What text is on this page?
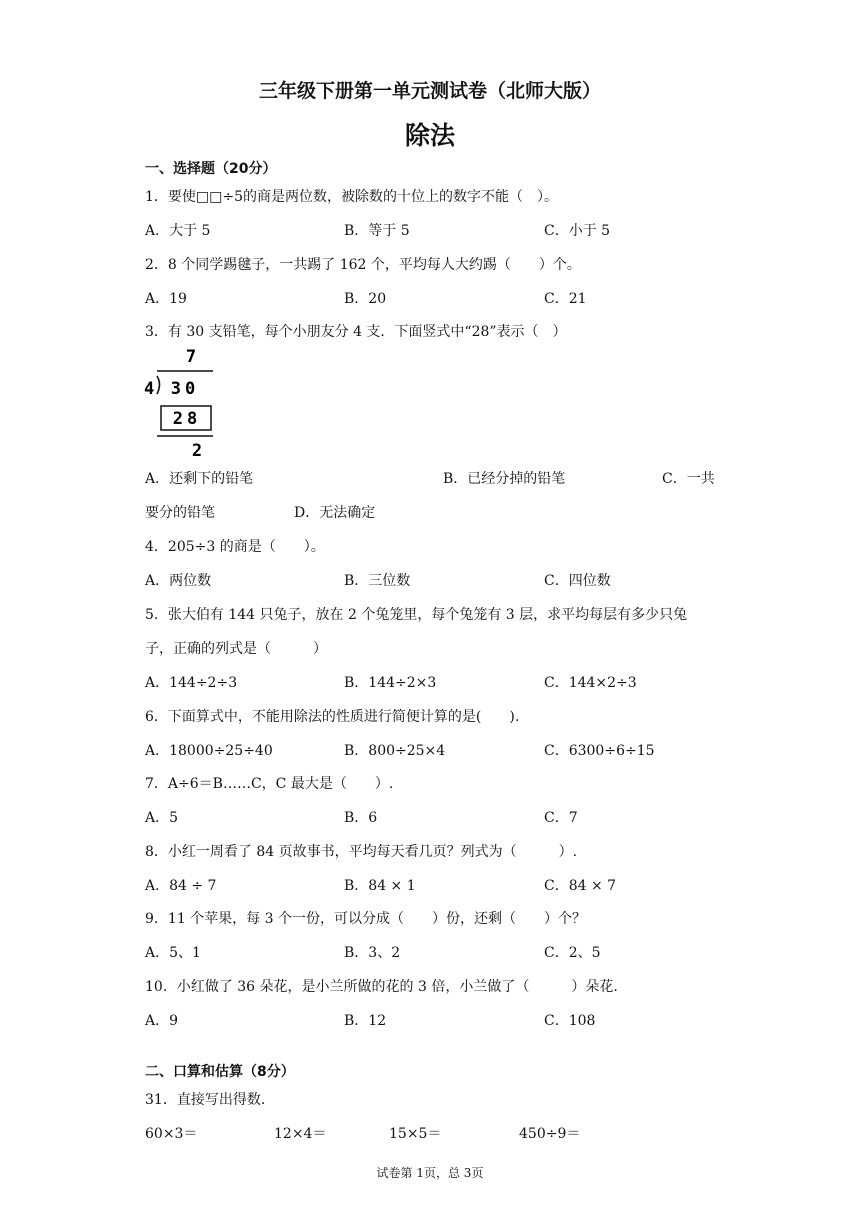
三年级下册第一单元测试卷（北师大版）
除法
一、选择题（20分）
1．要使□□÷5的商是两位数，被除数的十位上的数字不能（　）。
A．大于 5	B．等于 5	C．小于 5
2．8 个同学踢毽子，一共踢了 162 个，平均每人大约踢（　　）个。
A．19	B．20	C．21
3．有 30 支铅笔，每个小朋友分 4 支．下面竖式中“28”表示（　）
7
4 30
28
2
A．还剩下的铅笔	B．已经分掉的铅笔	C．一共
要分的铅笔	D．无法确定
4．205÷3 的商是（　　）。
A．两位数	B．三位数	C．四位数
5．张大伯有 144 只兔子，放在 2 个兔笼里，每个兔笼有 3 层，求平均每层有多少只兔
子，正确的列式是（　　　）
A．144÷2÷3	B．144÷2×3	C．144×2÷3
6．下面算式中，不能用除法的性质进行简便计算的是(　　).
A．18000÷25÷40	B．800÷25×4	C．6300÷6÷15
7．A÷6＝B……C，C 最大是（　　）.
A．5	B．6	C．7
8．小红一周看了 84 页故事书，平均每天看几页？列式为（　　　）.
A．84 ÷ 7	B．84 × 1	C．84 × 7
9．11 个苹果，每 3 个一份，可以分成（　　）份，还剩（　　）个？
A．5、1	B．3、2	C．2、5
10．小红做了 36 朵花，是小兰所做的花的 3 倍，小兰做了（　　　）朵花.
A．9	B．12	C．108
二、口算和估算（8分）
31．直接写出得数.
60×3＝	12×4＝	15×5＝	450÷9＝
试卷第 1页，总 3页
